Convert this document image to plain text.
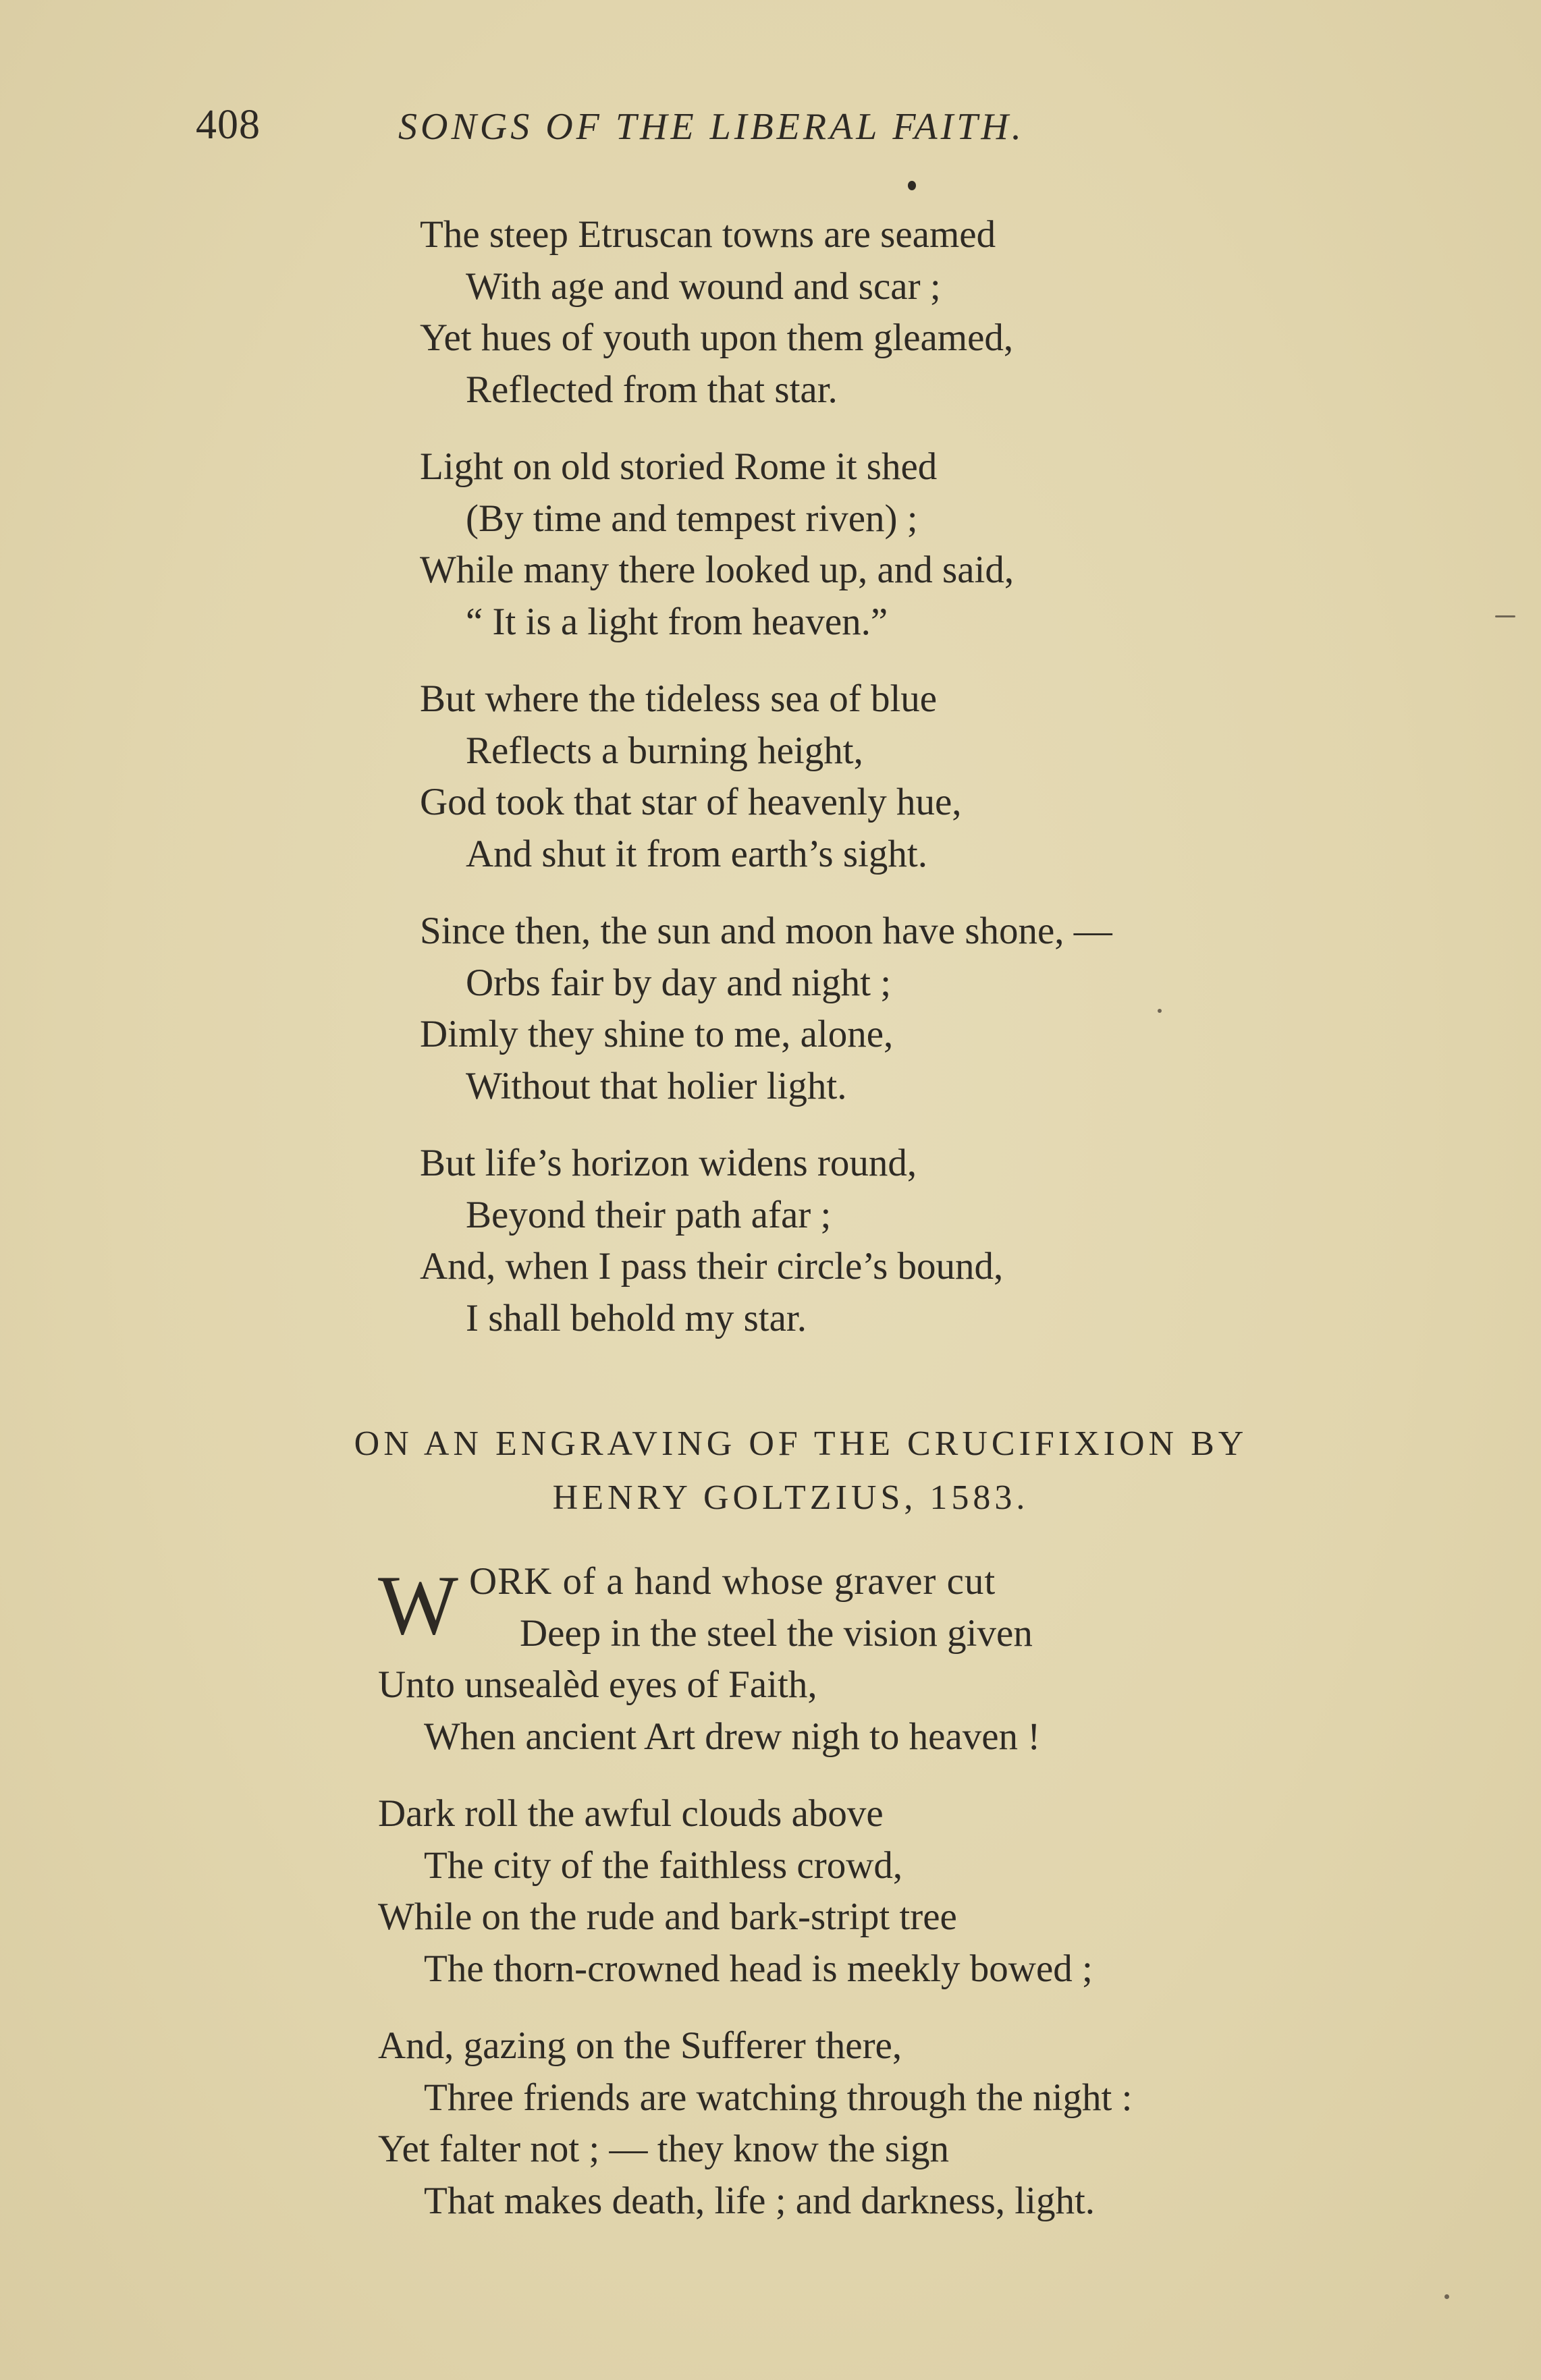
408	SONGS OF THE LIBERAL FAITH.
The steep Etruscan towns are seamed
With age and wound and scar ;
Yet hues of youth upon them gleamed,
Reflected from that star.
Light on old storied Rome it shed
(By time and tempest riven) ;
While many there looked up, and said,
“ It is a light from heaven.”
But where the tideless sea of blue
Reflects a burning height,
God took that star of heavenly hue,
And shut it from earth’s sight.
Since then, the sun and moon have shone, —
Orbs fair by day and night ;
Dimly they shine to me, alone,
Without that holier light.
But life’s horizon widens round,
Beyond their path afar ;
And, when I pass their circle’s bound,
I shall behold my star.
ON AN ENGRAVING OF THE CRUCIFIXION BY
HENRY GOLTZIUS, 1583.
W ORK of a hand whose graver cut
Deep in the steel the vision given
Unto unsealèd eyes of Faith,
When ancient Art drew nigh to heaven !
Dark roll the awful clouds above
The city of the faithless crowd,
While on the rude and bark-stript tree
The thorn-crowned head is meekly bowed ;
And, gazing on the Sufferer there,
Three friends are watching through the night :
Yet falter not ; — they know the sign
That makes death, life ; and darkness, light.
